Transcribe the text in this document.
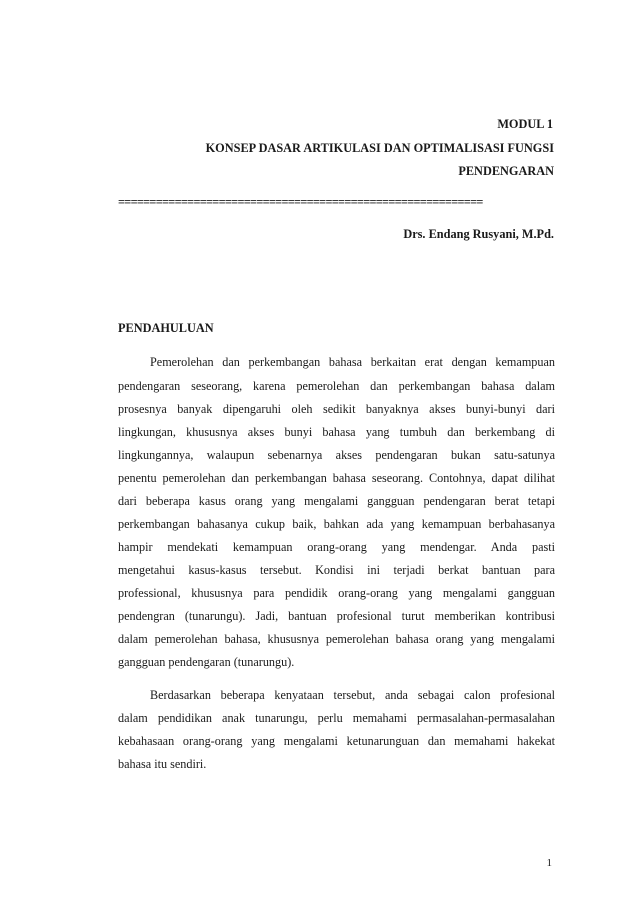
MODUL 1
KONSEP DASAR ARTIKULASI DAN OPTIMALISASI FUNGSI
PENDENGARAN
==========================================================
Drs. Endang Rusyani, M.Pd.
PENDAHULUAN
Pemerolehan dan perkembangan bahasa berkaitan erat dengan kemampuan
pendengaran seseorang, karena pemerolehan dan perkembangan bahasa dalam
prosesnya banyak dipengaruhi oleh sedikit banyaknya akses bunyi-bunyi dari
lingkungan, khususnya akses bunyi bahasa yang tumbuh dan berkembang di
lingkungannya, walaupun sebenarnya akses pendengaran bukan satu-satunya
penentu pemerolehan dan perkembangan bahasa seseorang. Contohnya, dapat dilihat
dari beberapa kasus orang yang mengalami gangguan pendengaran berat tetapi
perkembangan bahasanya cukup baik, bahkan ada yang kemampuan berbahasanya
hampir mendekati kemampuan orang-orang yang mendengar. Anda pasti
mengetahui kasus-kasus tersebut. Kondisi ini terjadi berkat bantuan para
professional, khususnya para pendidik orang-orang yang mengalami gangguan
pendengran (tunarungu). Jadi, bantuan profesional turut memberikan kontribusi
dalam pemerolehan bahasa, khususnya pemerolehan bahasa orang yang mengalami
gangguan pendengaran (tunarungu).
Berdasarkan beberapa kenyataan tersebut, anda sebagai calon profesional
dalam pendidikan anak tunarungu, perlu memahami permasalahan-permasalahan
kebahasaan orang-orang yang mengalami ketunarunguan dan memahami hakekat
bahasa itu sendiri.
1
